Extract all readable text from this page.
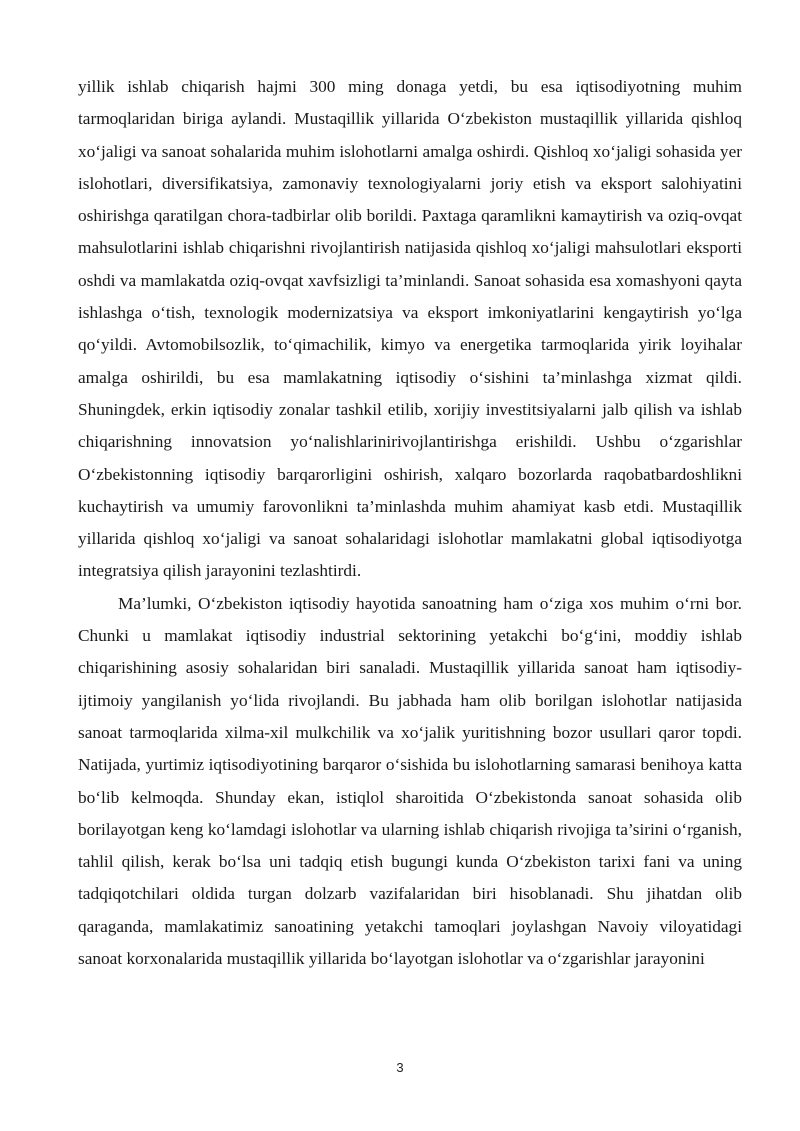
yillik ishlab chiqarish hajmi 300 ming donaga yetdi, bu esa iqtisodiyotning muhim tarmoqlaridan biriga aylandi. Mustaqillik yillarida O‘zbekiston mustaqillik yillarida qishloq xo‘jaligi va sanoat sohalarida muhim islohotlarni amalga oshirdi. Qishloq xo‘jaligi sohasida yer islohotlari, diversifikatsiya, zamonaviy texnologiyalarni joriy etish va eksport salohiyatini oshirishga qaratilgan chora-tadbirlar olib borildi. Paxtaga qaramlikni kamaytirish va oziq-ovqat mahsulotlarini ishlab chiqarishni rivojlantirish natijasida qishloq xo‘jaligi mahsulotlari eksporti oshdi va mamlakatda oziq-ovqat xavfsizligi ta’minlandi. Sanoat sohasida esa xomashyoni qayta ishlashga o‘tish, texnologik modernizatsiya va eksport imkoniyatlarini kengaytirish yo‘lga qo‘yildi. Avtomobilsozlik, to‘qimachilik, kimyo va energetika tarmoqlarida yirik loyihalar amalga oshirildi, bu esa mamlakatning iqtisodiy o‘sishini ta’minlashga xizmat qildi. Shuningdek, erkin iqtisodiy zonalar tashkil etilib, xorijiy investitsiyalarni jalb qilish va ishlab chiqarishning innovatsion yo‘nalishlarinirivojlantirishga erishildi. Ushbu o‘zgarishlar O‘zbekistonning iqtisodiy barqarorligini oshirish, xalqaro bozorlarda raqobatbardoshlikni kuchaytirish va umumiy farovonlikni ta’minlashda muhim ahamiyat kasb etdi. Mustaqillik yillarida qishloq xo‘jaligi va sanoat sohalaridagi islohotlar mamlakatni global iqtisodiyotga integratsiya qilish jarayonini tezlashtirdi.

Ma’lumki, O‘zbekiston iqtisodiy hayotida sanoatning ham o‘ziga xos muhim o‘rni bor. Chunki u mamlakat iqtisodiy industrial sektorining yetakchi bo‘g‘ini, moddiy ishlab chiqarishining asosiy sohalaridan biri sanaladi. Mustaqillik yillarida sanoat ham iqtisodiy-ijtimoiy yangilanish yo‘lida rivojlandi. Bu jabhada ham olib borilgan islohotlar natijasida sanoat tarmoqlarida xilma-xil mulkchilik va xo‘jalik yuritishning bozor usullari qaror topdi. Natijada, yurtimiz iqtisodiyotining barqaror o‘sishida bu islohotlarning samarasi benihoya katta bo‘lib kelmoqda. Shunday ekan, istiqlol sharoitida O‘zbekistonda sanoat sohasida olib borilayotgan keng ko‘lamdagi islohotlar va ularning ishlab chiqarish rivojiga ta’sirini o‘rganish, tahlil qilish, kerak bo‘lsa uni tadqiq etish bugungi kunda O‘zbekiston tarixi fani va uning tadqiqotchilari oldida turgan dolzarb vazifalaridan biri hisoblanadi. Shu jihatdan olib qaraganda, mamlakatimiz sanoatining yetakchi tamoqlari joylashgan Navoiy viloyatidagi sanoat korxonalarida mustaqillik yillarida bo‘layotgan islohotlar va o‘zgarishlar jarayonini

3
